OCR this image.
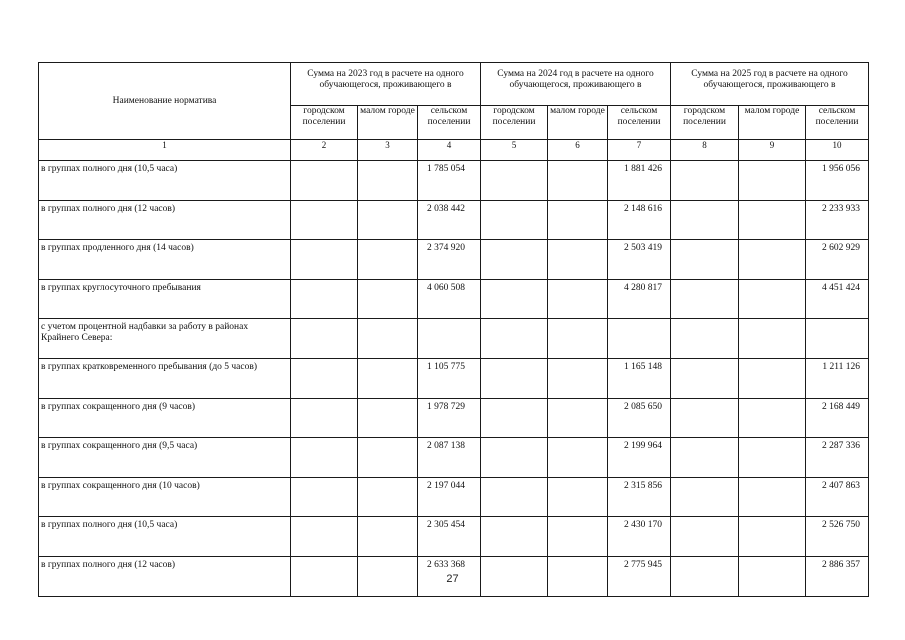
Наименование норматива	Сумма на 2023 год в расчете на одного обучающегося, проживающего в			Сумма на 2024 год в расчете на одного обучающегося, проживающего в			Сумма на 2025 год в расчете на одного обучающегося, проживающего в		
	городском поселении	малом городе	сельском поселении	городском поселении	малом городе	сельском поселении	городском поселении	малом городе	сельском поселении
1	2	3	4	5	6	7	8	9	10
в группах полного дня (10,5 часа)			1 785 054			1 881 426			1 956 056
в группах полного дня (12 часов)			2 038 442			2 148 616			2 233 933
в группах продленного дня (14 часов)			2 374 920			2 503 419			2 602 929
в группах круглосуточного пребывания			4 060 508			4 280 817			4 451 424
с учетом процентной надбавки за работу в районах Крайнего Севера:									
в группах кратковременного пребывания (до 5 часов)			1 105 775			1 165 148			1 211 126
в группах сокращенного дня (9 часов)			1 978 729			2 085 650			2 168 449
в группах сокращенного дня (9,5 часа)			2 087 138			2 199 964			2 287 336
в группах сокращенного дня (10 часов)			2 197 044			2 315 856			2 407 863
в группах полного дня (10,5 часа)			2 305 454			2 430 170			2 526 750
в группах полного дня (12 часов)			2 633 368			2 775 945			2 886 357
27
